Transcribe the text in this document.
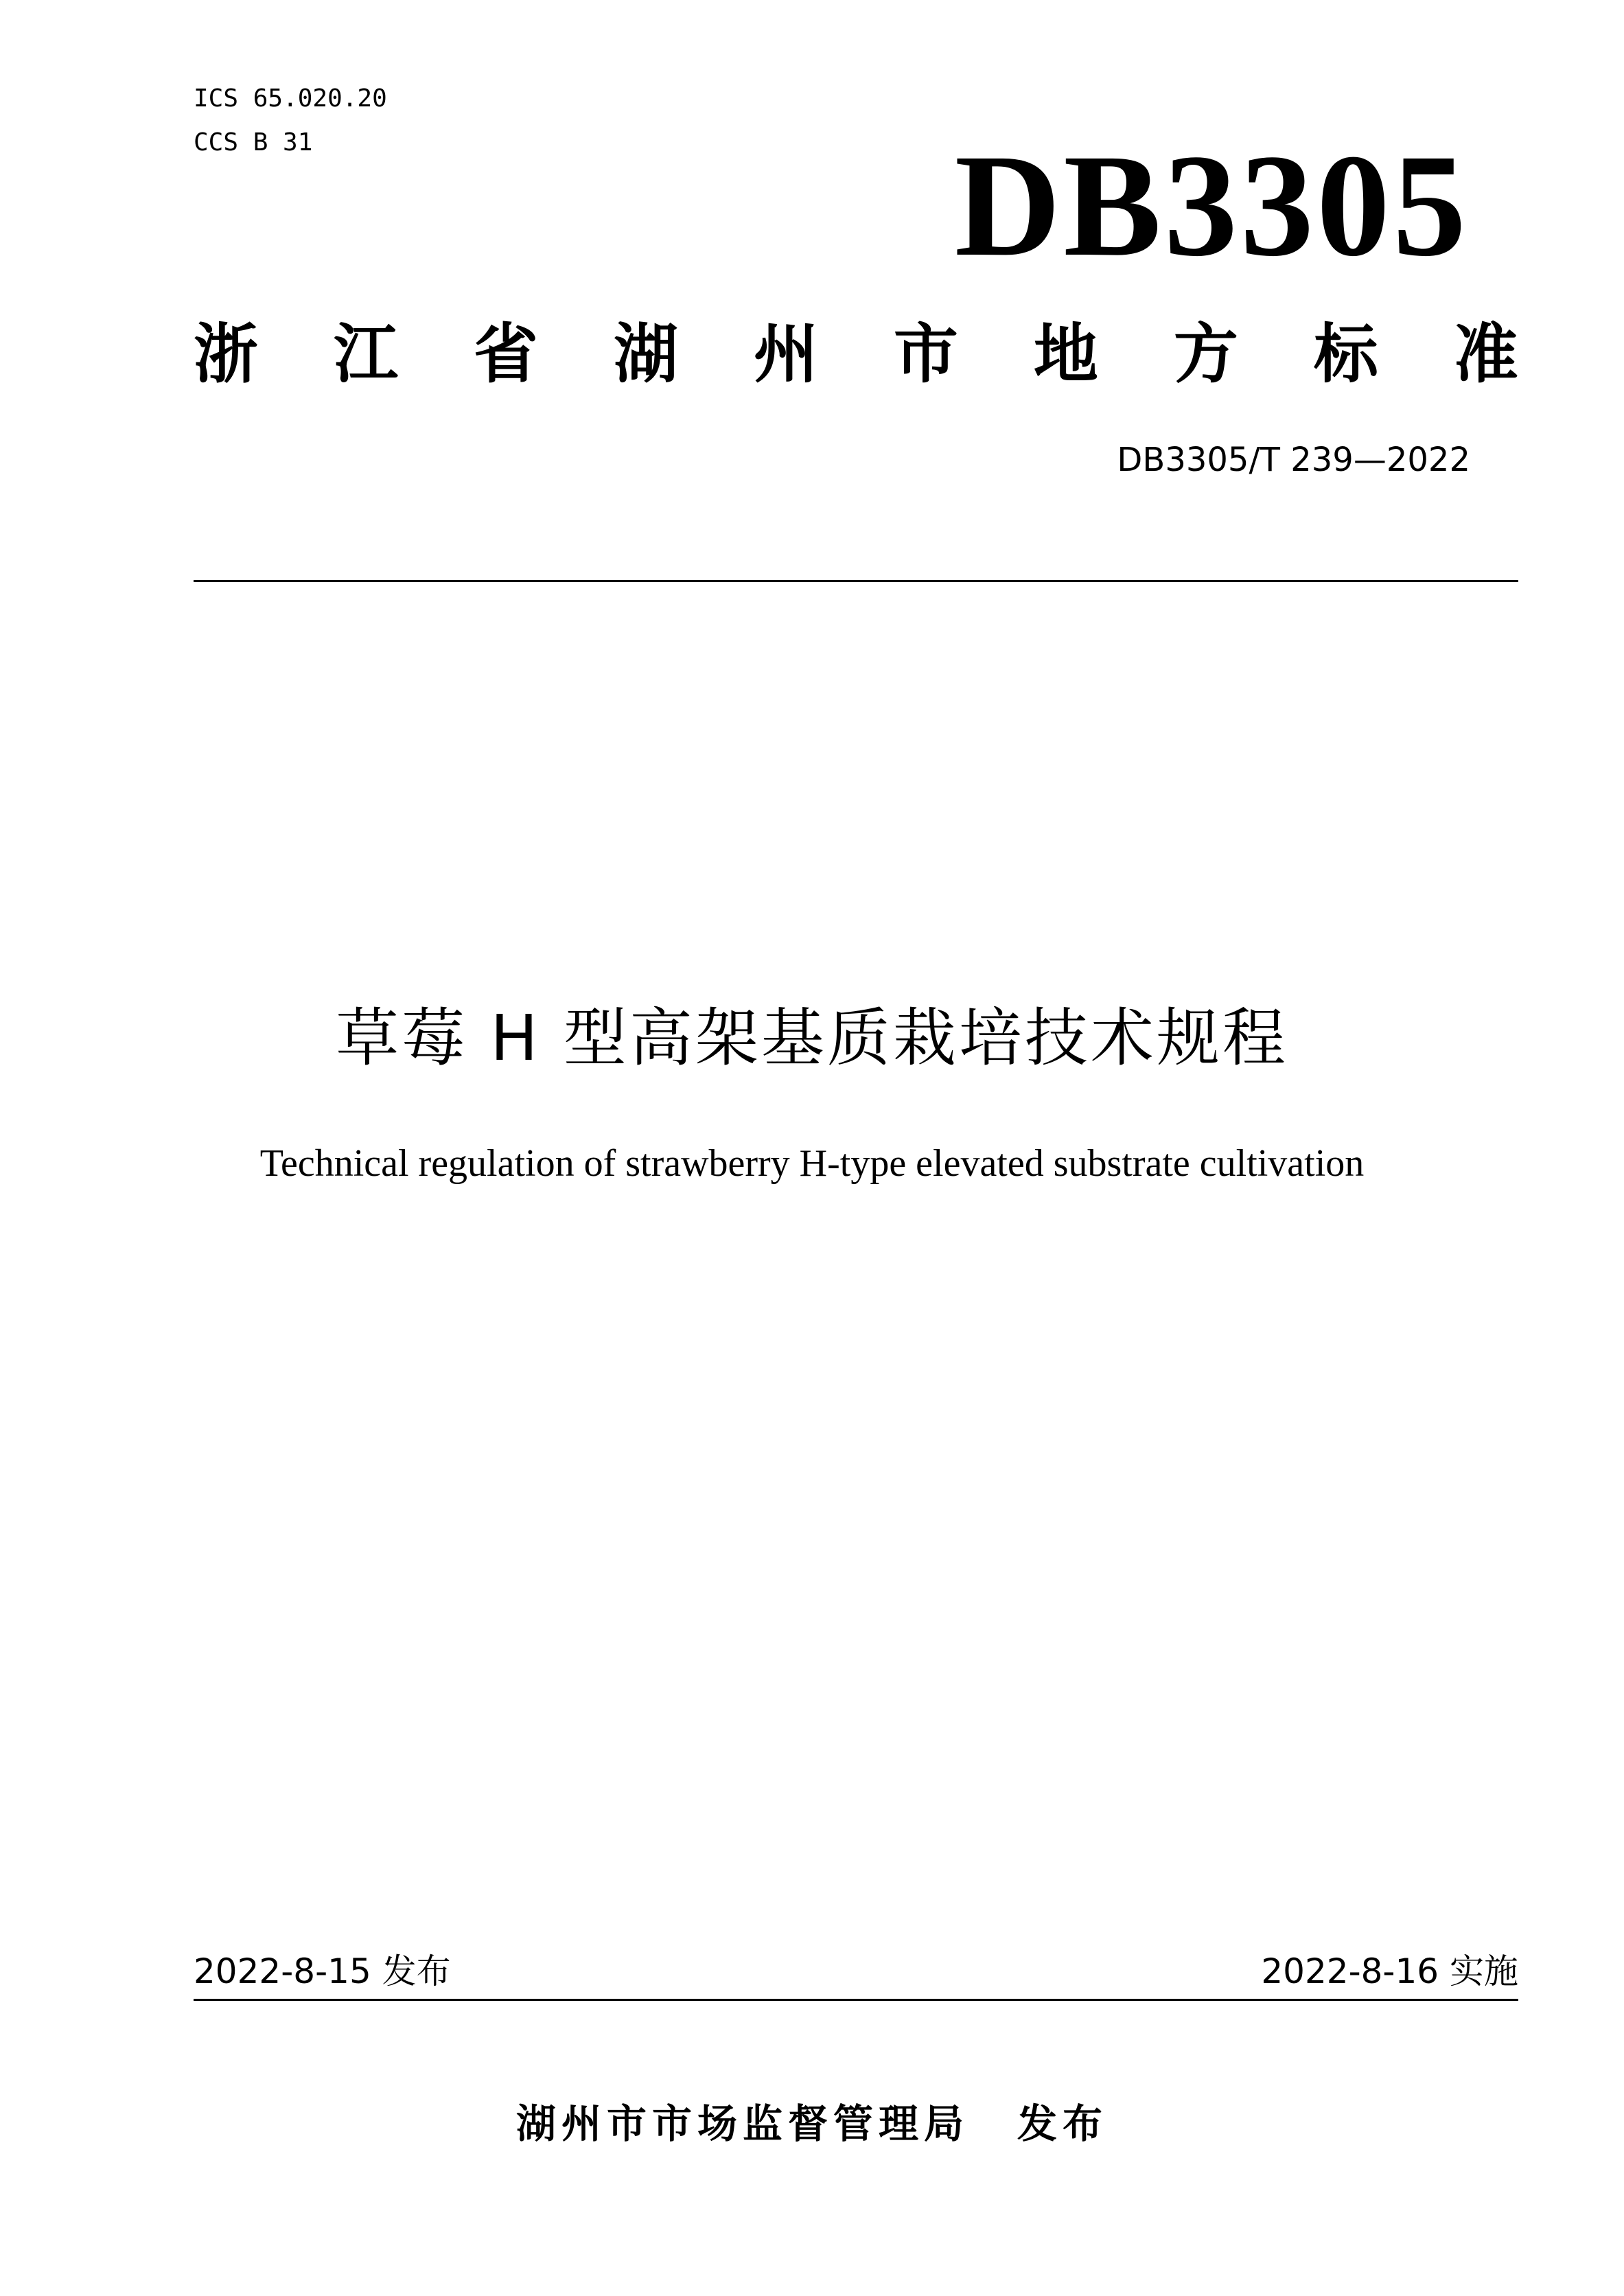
ICS 65.020.20
CCS B 31	DB3305
浙 江 省 湖 州 市 地 方 标 准
DB3305/T 239—2022
草莓 H 型高架基质栽培技术规程
Technical regulation of strawberry H-type elevated substrate cultivation
2022-8-15 发布	2022-8-16 实施
湖州市市场监督管理局 发布
